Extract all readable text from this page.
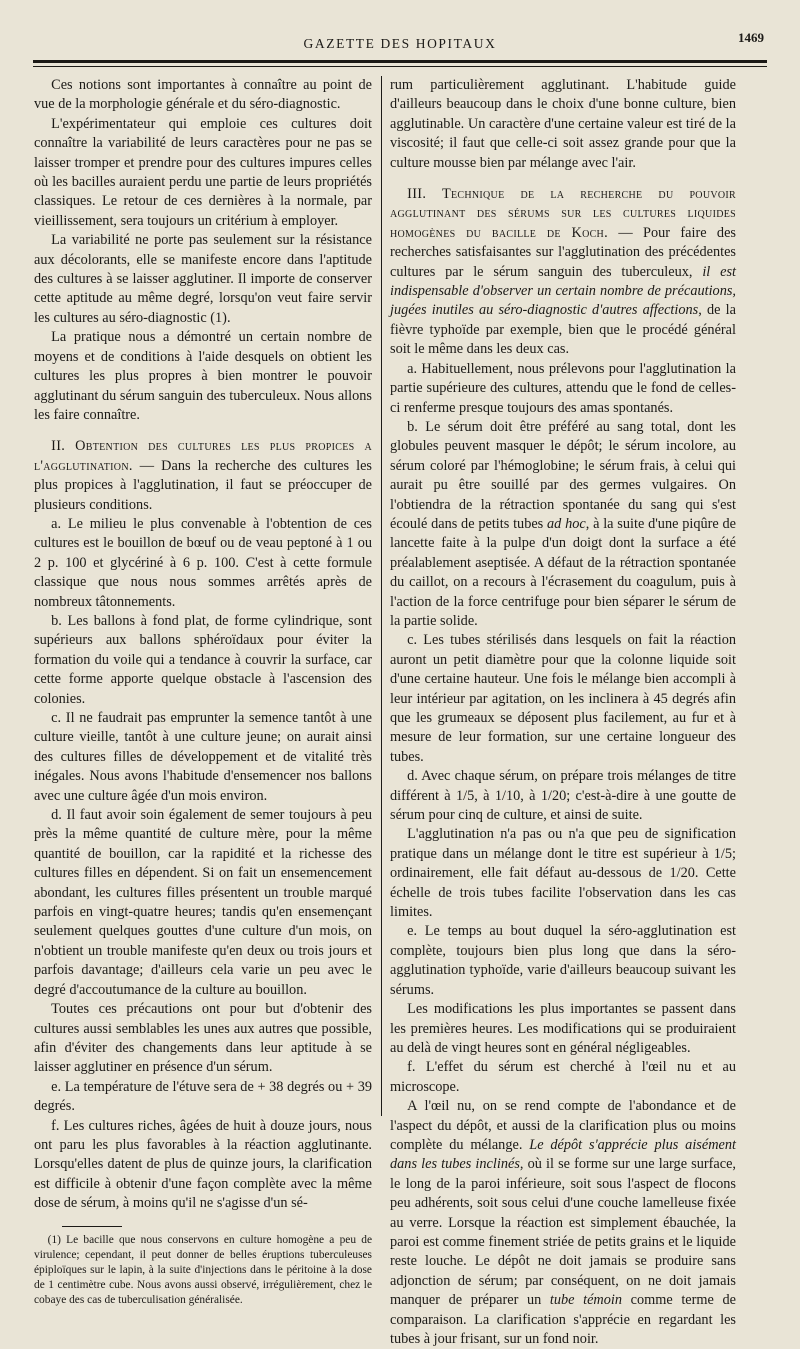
GAZETTE DES HOPITAUX	1469

Ces notions sont importantes à connaître au point de vue de la morphologie générale et du séro-diagnostic.

L'expérimentateur qui emploie ces cultures doit connaître la variabilité de leurs caractères pour ne pas se laisser tromper et prendre pour des cultures impures celles où les bacilles auraient perdu une partie de leurs propriétés classiques. Le retour de ces dernières à la normale, par vieillissement, sera toujours un critérium à employer.

La variabilité ne porte pas seulement sur la résistance aux décolorants, elle se manifeste encore dans l'aptitude des cultures à se laisser agglutiner. Il importe de conserver cette aptitude au même degré, lorsqu'on veut faire servir les cultures au séro-diagnostic (1).

La pratique nous a démontré un certain nombre de moyens et de conditions à l'aide desquels on obtient les cultures les plus propres à bien montrer le pouvoir agglutinant du sérum sanguin des tuberculeux. Nous allons les faire connaître.

II. Obtention des cultures les plus propices a l'agglutination. — Dans la recherche des cultures les plus propices à l'agglutination, il faut se préoccuper de plusieurs conditions.

a. Le milieu le plus convenable à l'obtention de ces cultures est le bouillon de bœuf ou de veau peptoné à 1 ou 2 p. 100 et glycériné à 6 p. 100. C'est à cette formule classique que nous nous sommes arrêtés après de nombreux tâtonnements.

b. Les ballons à fond plat, de forme cylindrique, sont supérieurs aux ballons sphéroïdaux pour éviter la formation du voile qui a tendance à couvrir la surface, car cette forme apporte quelque obstacle à l'ascension des colonies.

c. Il ne faudrait pas emprunter la semence tantôt à une culture vieille, tantôt à une culture jeune; on aurait ainsi des cultures filles de développement et de vitalité très inégales. Nous avons l'habitude d'ensemencer nos ballons avec une culture âgée d'un mois environ.

d. Il faut avoir soin également de semer toujours à peu près la même quantité de culture mère, pour la même quantité de bouillon, car la rapidité et la richesse des cultures filles en dépendent. Si on fait un ensemencement abondant, les cultures filles présentent un trouble marqué parfois en vingt-quatre heures; tandis qu'en ensemençant seulement quelques gouttes d'une culture d'un mois, on n'obtient un trouble manifeste qu'en deux ou trois jours et parfois davantage; d'ailleurs cela varie un peu avec le degré d'accoutumance de la culture au bouillon.

Toutes ces précautions ont pour but d'obtenir des cultures aussi semblables les unes aux autres que possible, afin d'éviter des changements dans leur aptitude à se laisser agglutiner en présence d'un sérum.

e. La température de l'étuve sera de + 38 degrés ou + 39 degrés.

f. Les cultures riches, âgées de huit à douze jours, nous ont paru les plus favorables à la réaction agglutinante. Lorsqu'elles datent de plus de quinze jours, la clarification est difficile à obtenir d'une façon complète avec la même dose de sérum, à moins qu'il ne s'agisse d'un sé-

(1) Le bacille que nous conservons en culture homogène a peu de virulence; cependant, il peut donner de belles éruptions tuberculeuses épiploïques sur le lapin, à la suite d'injections dans le péritoine à la dose de 1 centimètre cube. Nous avons aussi observé, irrégulièrement, chez le cobaye des cas de tuberculisation généralisée.

rum particulièrement agglutinant. L'habitude guide d'ailleurs beaucoup dans le choix d'une bonne culture, bien agglutinable. Un caractère d'une certaine valeur est tiré de la viscosité; il faut que celle-ci soit assez grande pour que la culture mousse bien par mélange avec l'air.

III. Technique de la recherche du pouvoir agglutinant des sérums sur les cultures liquides homogènes du bacille de Koch. — Pour faire des recherches satisfaisantes sur l'agglutination des précédentes cultures par le sérum sanguin des tuberculeux, il est indispensable d'observer un certain nombre de précautions, jugées inutiles au séro-diagnostic d'autres affections, de la fièvre typhoïde par exemple, bien que le procédé général soit le même dans les deux cas.

a. Habituellement, nous prélevons pour l'agglutination la partie supérieure des cultures, attendu que le fond de celles-ci renferme presque toujours des amas spontanés.

b. Le sérum doit être préféré au sang total, dont les globules peuvent masquer le dépôt; le sérum incolore, au sérum coloré par l'hémoglobine; le sérum frais, à celui qui aurait pu être souillé par des germes vulgaires. On l'obtiendra de la rétraction spontanée du sang qui s'est écoulé dans de petits tubes ad hoc, à la suite d'une piqûre de lancette faite à la pulpe d'un doigt dont la surface a été préalablement aseptisée. A défaut de la rétraction spontanée du caillot, on a recours à l'écrasement du coagulum, puis à l'action de la force centrifuge pour bien séparer le sérum de la partie solide.

c. Les tubes stérilisés dans lesquels on fait la réaction auront un petit diamètre pour que la colonne liquide soit d'une certaine hauteur. Une fois le mélange bien accompli à leur intérieur par agitation, on les inclinera à 45 degrés afin que les grumeaux se déposent plus facilement, au fur et à mesure de leur formation, sur une certaine longueur des tubes.

d. Avec chaque sérum, on prépare trois mélanges de titre différent à 1/5, à 1/10, à 1/20; c'est-à-dire à une goutte de sérum pour cinq de culture, et ainsi de suite.

L'agglutination n'a pas ou n'a que peu de signification pratique dans un mélange dont le titre est supérieur à 1/5; ordinairement, elle fait défaut au-dessous de 1/20. Cette échelle de trois tubes facilite l'observation dans les cas limites.

e. Le temps au bout duquel la séro-agglutination est complète, toujours bien plus long que dans la séro-agglutination typhoïde, varie d'ailleurs beaucoup suivant les sérums.

Les modifications les plus importantes se passent dans les premières heures. Les modifications qui se produiraient au delà de vingt heures sont en général négligeables.

f. L'effet du sérum est cherché à l'œil nu et au microscope.

A l'œil nu, on se rend compte de l'abondance et de l'aspect du dépôt, et aussi de la clarification plus ou moins complète du mélange. Le dépôt s'apprécie plus aisément dans les tubes inclinés, où il se forme sur une large surface, le long de la paroi inférieure, soit sous l'aspect de flocons peu adhérents, soit sous celui d'une couche lamelleuse fixée au verre. Lorsque la réaction est simplement ébauchée, la paroi est comme finement striée de petits grains et le liquide reste louche. Le dépôt ne doit jamais se produire sans adjonction de sérum; par conséquent, on ne doit jamais manquer de préparer un tube témoin comme terme de comparaison. La clarification s'apprécie en regardant les tubes à jour frisant, sur un fond noir.
